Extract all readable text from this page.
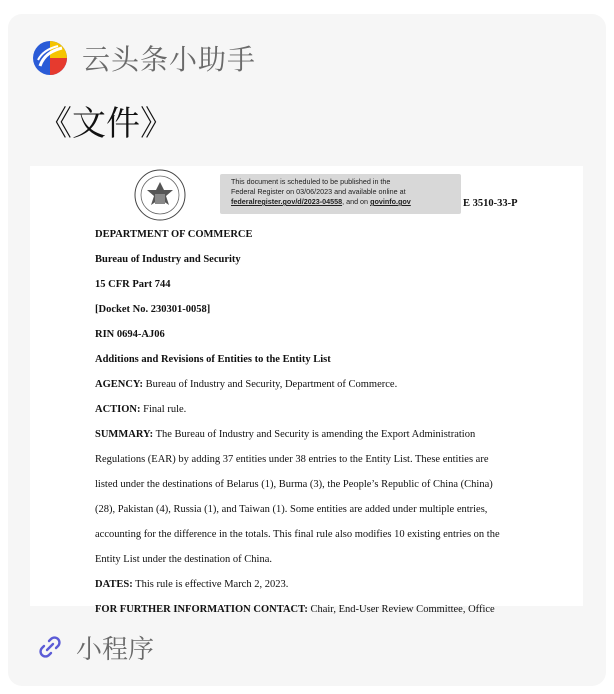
云头条小助手
《文件》
This document is scheduled to be published in the
Federal Register on 03/06/2023 and available online at
federalregister.gov/d/2023-04558, and on govinfo.gov	E 3510-33-P
DEPARTMENT OF COMMERCE
Bureau of Industry and Security
15 CFR Part 744
[Docket No. 230301-0058]
RIN 0694-AJ06
Additions and Revisions of Entities to the Entity List
AGENCY: Bureau of Industry and Security, Department of Commerce.
ACTION: Final rule.
SUMMARY: The Bureau of Industry and Security is amending the Export Administration
Regulations (EAR) by adding 37 entities under 38 entries to the Entity List. These entities are
listed under the destinations of Belarus (1), Burma (3), the People’s Republic of China (China)
(28), Pakistan (4), Russia (1), and Taiwan (1). Some entities are added under multiple entries,
accounting for the difference in the totals. This final rule also modifies 10 existing entries on the
Entity List under the destination of China.
DATES: This rule is effective March 2, 2023.
FOR FURTHER INFORMATION CONTACT: Chair, End-User Review Committee, Office
小程序
